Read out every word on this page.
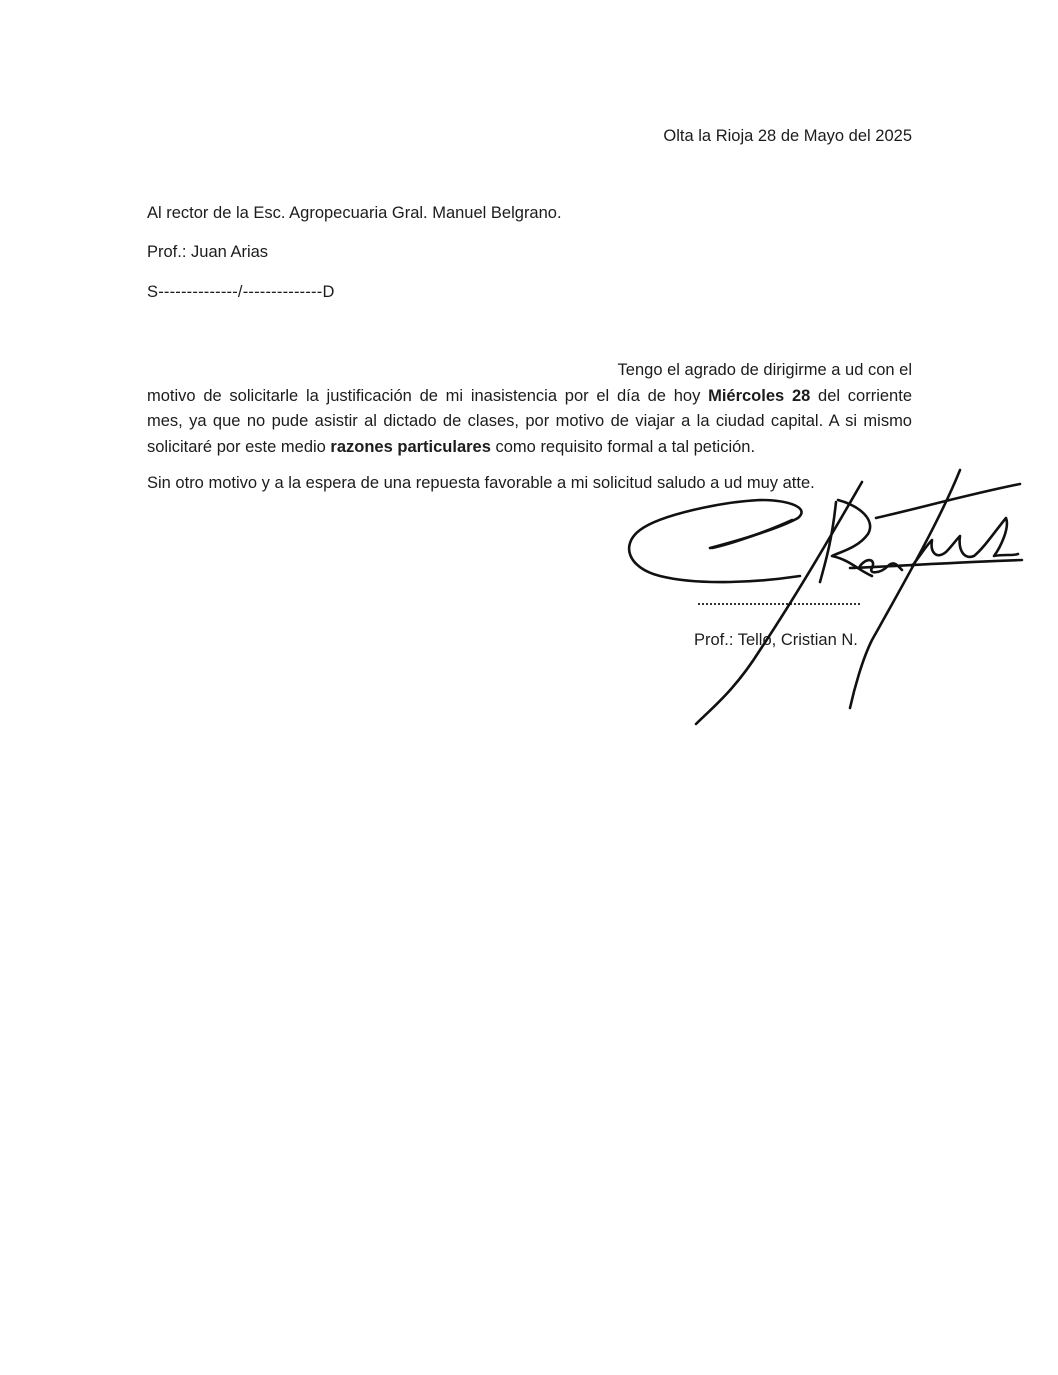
Olta la Rioja 28 de Mayo del 2025
Al rector de la Esc. Agropecuaria Gral. Manuel Belgrano.
Prof.: Juan Arias
S--------------/--------------D
Tengo el agrado de dirigirme a ud con el
motivo de solicitarle la justificación de mi inasistencia por el día de hoy Miércoles 28 del corriente
mes, ya que no pude asistir al dictado de clases, por motivo de viajar a la ciudad capital. A si mismo
solicitaré por este medio razones particulares como requisito formal a tal petición.
Sin otro motivo y a la espera de una repuesta favorable a mi solicitud saludo a ud muy atte.
Prof.: Tello, Cristian N.
